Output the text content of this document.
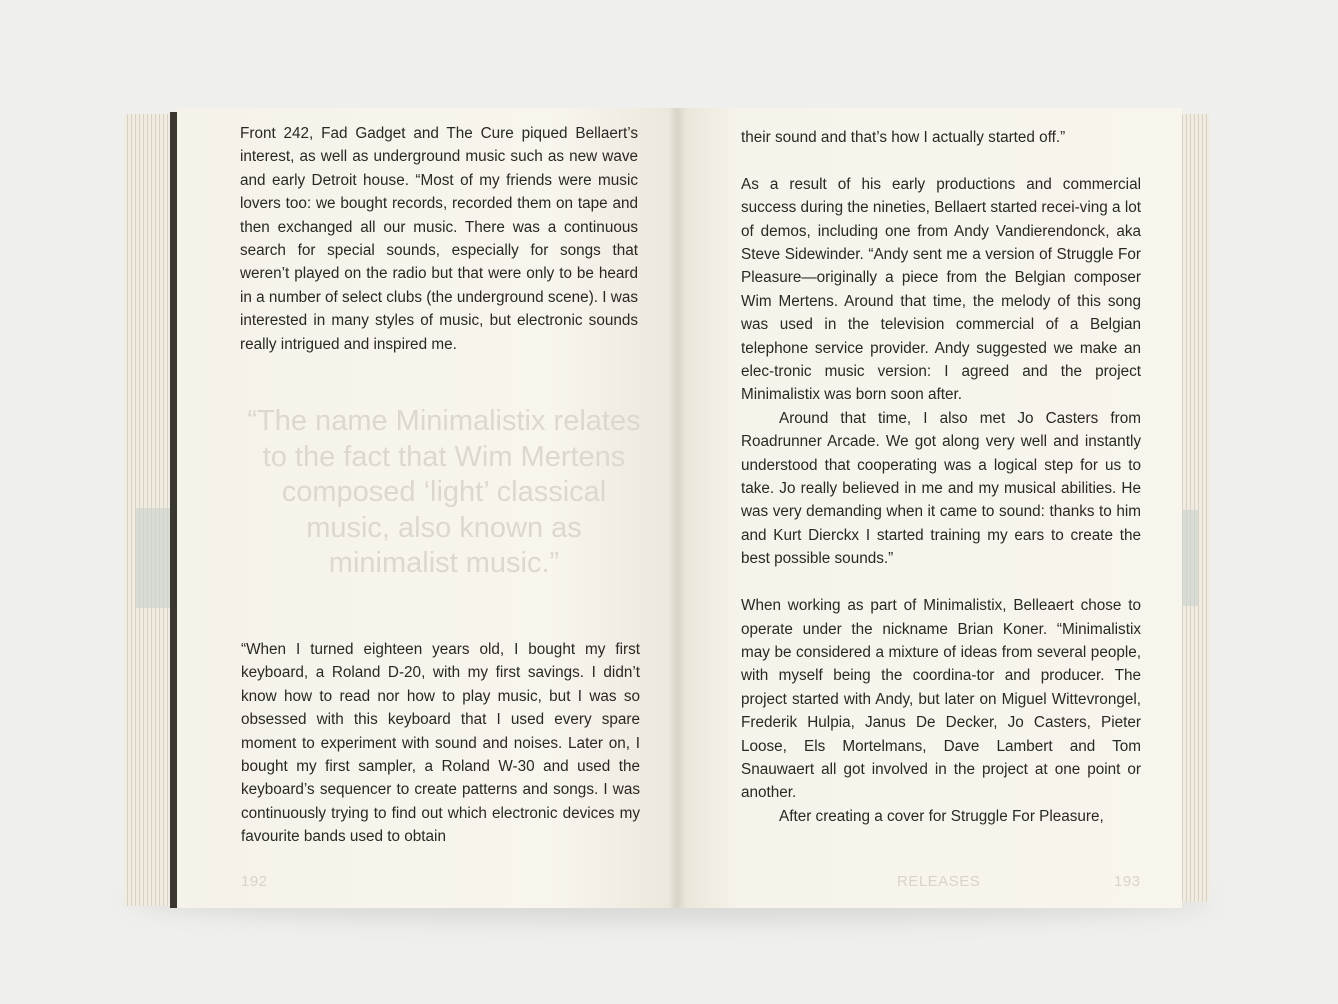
Front 242, Fad Gadget and The Cure piqued Bellaert’s interest, as well as underground music such as new wave and early Detroit house. “Most of my friends were music lovers too: we bought records, recorded them on tape and then exchanged all our music. There was a continuous search for special sounds, especially for songs that weren’t played on the radio but that were only to be heard in a number of select clubs (the underground scene). I was interested in many styles of music, but electronic sounds really intrigued and inspired me.

“The name Minimalistix relates to the fact that Wim Mertens composed ‘light’ classical music, also known as minimalist music.”

“When I turned eighteen years old, I bought my first keyboard, a Roland D-20, with my first savings. I didn’t know how to read nor how to play music, but I was so obsessed with this keyboard that I used every spare moment to experiment with sound and noises. Later on, I bought my first sampler, a Roland W-30 and used the keyboard’s sequencer to create patterns and songs. I was continuously trying to find out which electronic devices my favourite bands used to obtain

192

their sound and that’s how I actually started off.”

As a result of his early productions and commercial success during the nineties, Bellaert started recei-ving a lot of demos, including one from Andy Vandierendonck, aka Steve Sidewinder. “Andy sent me a version of Struggle For Pleasure—originally a piece from the Belgian composer Wim Mertens. Around that time, the melody of this song was used in the television commercial of a Belgian telephone service provider. Andy suggested we make an elec-tronic music version: I agreed and the project Minimalistix was born soon after.

Around that time, I also met Jo Casters from Roadrunner Arcade. We got along very well and instantly understood that cooperating was a logical step for us to take. Jo really believed in me and my musical abilities. He was very demanding when it came to sound: thanks to him and Kurt Dierckx I started training my ears to create the best possible sounds.”

When working as part of Minimalistix, Belleaert chose to operate under the nickname Brian Koner. “Minimalistix may be considered a mixture of ideas from several people, with myself being the coordina-tor and producer. The project started with Andy, but later on Miguel Wittevrongel, Frederik Hulpia, Janus De Decker, Jo Casters, Pieter Loose, Els Mortelmans, Dave Lambert and Tom Snauwaert all got involved in the project at one point or another.

After creating a cover for Struggle For Pleasure,

RELEASES	193
